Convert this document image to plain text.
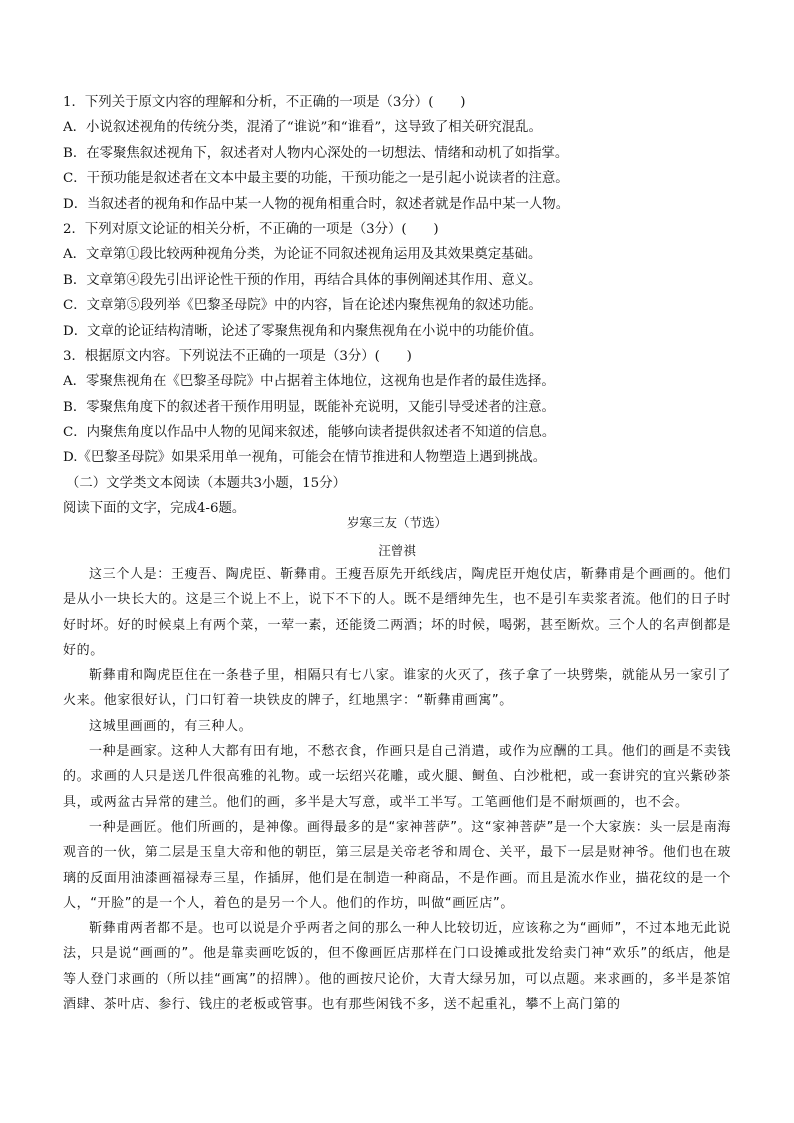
1．下列关于原文内容的理解和分析，不正确的一项是（3分）(　　)
A．小说叙述视角的传统分类，混淆了“谁说”和“谁看”，这导致了相关研究混乱。
B．在零聚焦叙述视角下，叙述者对人物内心深处的一切想法、情绪和动机了如指掌。
C．干预功能是叙述者在文本中最主要的功能，干预功能之一是引起小说读者的注意。
D．当叙述者的视角和作品中某一人物的视角相重合时，叙述者就是作品中某一人物。
2．下列对原文论证的相关分析，不正确的一项是（3分）(　　)
A．文章第①段比较两种视角分类，为论证不同叙述视角运用及其效果奠定基础。
B．文章第④段先引出评论性干预的作用，再结合具体的事例阐述其作用、意义。
C．文章第⑤段列举《巴黎圣母院》中的内容，旨在论述内聚焦视角的叙述功能。
D．文章的论证结构清晰，论述了零聚焦视角和内聚焦视角在小说中的功能价值。
3．根据原文内容。下列说法不正确的一项是（3分）(　　)
A．零聚焦视角在《巴黎圣母院》中占据着主体地位，这视角也是作者的最佳选择。
B．零聚焦角度下的叙述者干预作用明显，既能补充说明，又能引导受述者的注意。
C．内聚焦角度以作品中人物的见闻来叙述，能够向读者提供叙述者不知道的信息。
D.《巴黎圣母院》如果采用单一视角，可能会在情节推进和人物塑造上遇到挑战。
（二）文学类文本阅读（本题共3小题，15分）
阅读下面的文字，完成4-6题。
岁寒三友（节选）
汪曾祺

这三个人是：王瘦吾、陶虎臣、靳彝甫。王瘦吾原先开纸线店，陶虎臣开炮仗店，靳彝甫是个画画的。他们是从小一块长大的。这是三个说上不上，说下不下的人。既不是缙绅先生，也不是引车卖浆者流。他们的日子时好时坏。好的时候桌上有两个菜，一荤一素，还能烫二两酒；坏的时候，喝粥，甚至断炊。三个人的名声倒都是好的。

靳彝甫和陶虎臣住在一条巷子里，相隔只有七八家。谁家的火灭了，孩子拿了一块劈柴，就能从另一家引了火来。他家很好认，门口钉着一块铁皮的牌子，红地黑字：“靳彝甫画寓”。

这城里画画的，有三种人。

一种是画家。这种人大都有田有地，不愁衣食，作画只是自己消遣，或作为应酬的工具。他们的画是不卖钱的。求画的人只是送几件很高雅的礼物。或一坛绍兴花雕，或火腿、鲥鱼、白沙枇杷，或一套讲究的宜兴紫砂茶具，或两盆古异常的建兰。他们的画，多半是大写意，或半工半写。工笔画他们是不耐烦画的，也不会。

一种是画匠。他们所画的，是神像。画得最多的是“家神菩萨”。这“家神菩萨”是一个大家族：头一层是南海观音的一伙，第二层是玉皇大帝和他的朝臣，第三层是关帝老爷和周仓、关平，最下一层是财神爷。他们也在玻璃的反面用油漆画福禄寿三星，作插屏，他们是在制造一种商品，不是作画。而且是流水作业，描花纹的是一个人，“开脸”的是一个人，着色的是另一个人。他们的作坊，叫做“画匠店”。

靳彝甫两者都不是。也可以说是介乎两者之间的那么一种人比较切近，应该称之为“画师”，不过本地无此说法，只是说“画画的”。他是靠卖画吃饭的，但不像画匠店那样在门口设摊或批发给卖门神“欢乐”的纸店，他是等人登门求画的（所以挂“画寓”的招牌）。他的画按尺论价，大青大绿另加，可以点题。来求画的，多半是茶馆酒肆、茶叶店、参行、钱庄的老板或管事。也有那些闲钱不多，送不起重礼，攀不上高门第的
